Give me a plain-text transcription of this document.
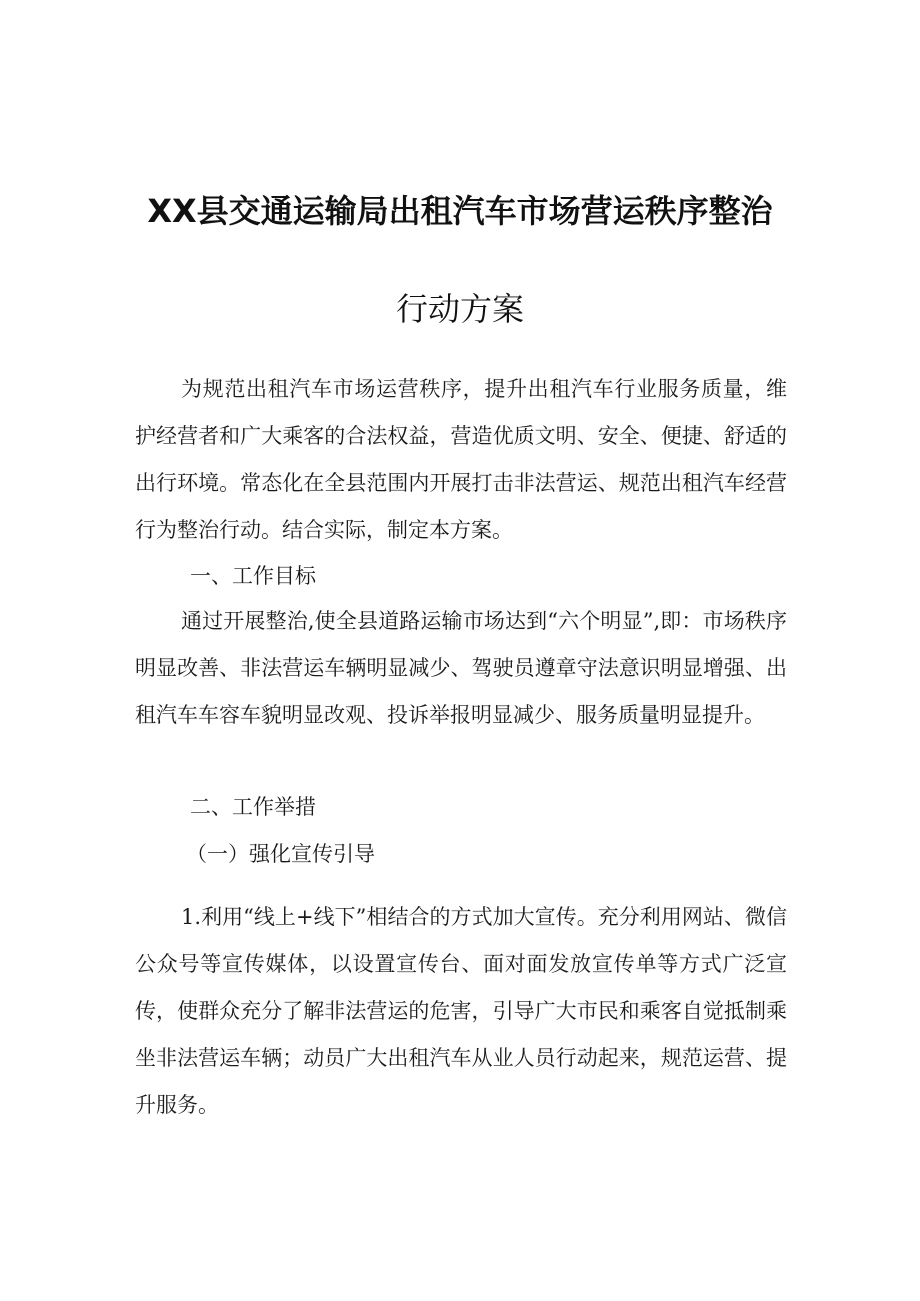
XX县交通运输局出租汽车市场营运秩序整治
行动方案

为规范出租汽车市场运营秩序，提升出租汽车行业服务质量，维护经营者和广大乘客的合法权益，营造优质文明、安全、便捷、舒适的出行环境。常态化在全县范围内开展打击非法营运、规范出租汽车经营行为整治行动。结合实际，制定本方案。

一、工作目标

通过开展整治,使全县道路运输市场达到“六个明显”,即：市场秩序明显改善、非法营运车辆明显减少、驾驶员遵章守法意识明显增强、出租汽车车容车貌明显改观、投诉举报明显减少、服务质量明显提升。

二、工作举措

（一）强化宣传引导

1.利用“线上+线下”相结合的方式加大宣传。充分利用网站、微信公众号等宣传媒体，以设置宣传台、面对面发放宣传单等方式广泛宣传，使群众充分了解非法营运的危害，引导广大市民和乘客自觉抵制乘坐非法营运车辆；动员广大出租汽车从业人员行动起来，规范运营、提升服务。
